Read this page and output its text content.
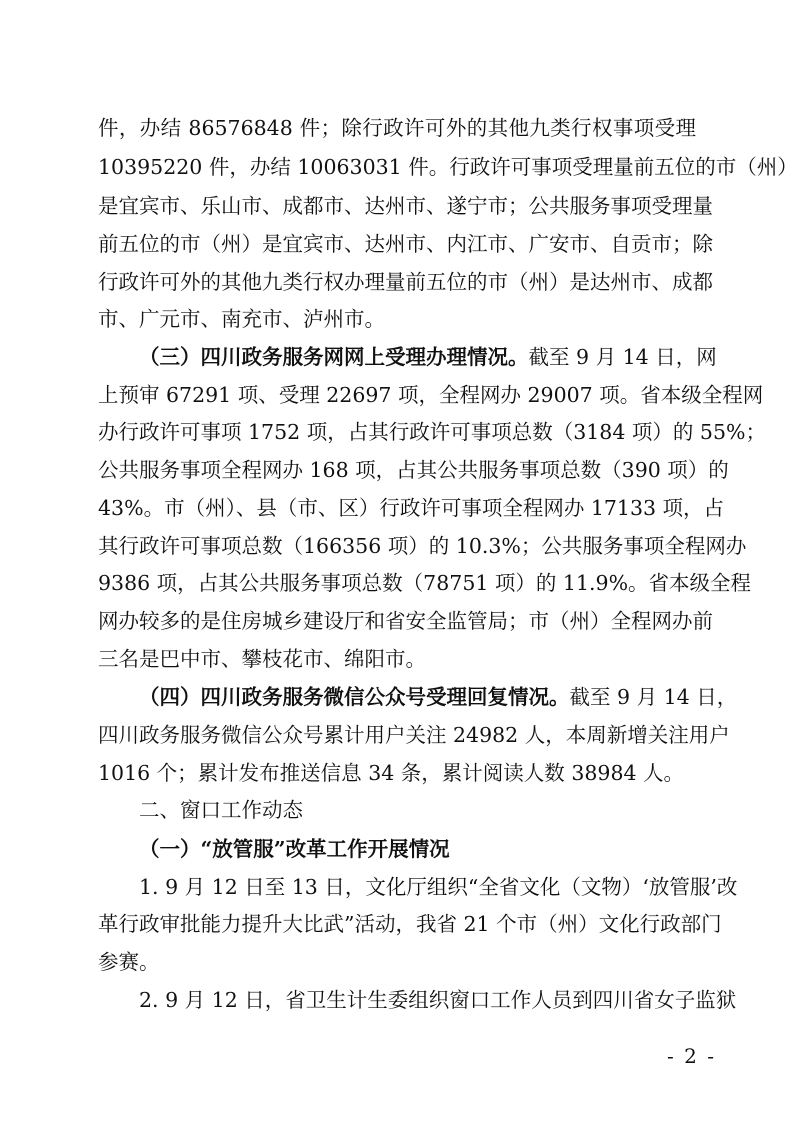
件，办结 86576848 件；除行政许可外的其他九类行权事项受理
10395220 件，办结 10063031 件。行政许可事项受理量前五位的市（州）
是宜宾市、乐山市、成都市、达州市、遂宁市；公共服务事项受理量
前五位的市（州）是宜宾市、达州市、内江市、广安市、自贡市；除
行政许可外的其他九类行权办理量前五位的市（州）是达州市、成都
市、广元市、南充市、泸州市。
（三）四川政务服务网网上受理办理情况。截至 9 月 14 日，网
上预审 67291 项、受理 22697 项，全程网办 29007 项。省本级全程网
办行政许可事项 1752 项，占其行政许可事项总数（3184 项）的 55%；
公共服务事项全程网办 168 项，占其公共服务事项总数（390 项）的
43%。市（州）、县（市、区）行政许可事项全程网办 17133 项，占
其行政许可事项总数（166356 项）的 10.3%；公共服务事项全程网办
9386 项，占其公共服务事项总数（78751 项）的 11.9%。省本级全程
网办较多的是住房城乡建设厅和省安全监管局；市（州）全程网办前
三名是巴中市、攀枝花市、绵阳市。
（四）四川政务服务微信公众号受理回复情况。截至 9 月 14 日，
四川政务服务微信公众号累计用户关注 24982 人，本周新增关注用户
1016 个；累计发布推送信息 34 条，累计阅读人数 38984 人。
二、窗口工作动态
（一）“放管服”改革工作开展情况
1. 9 月 12 日至 13 日，文化厅组织“全省文化（文物）‘放管服’改
革行政审批能力提升大比武”活动，我省 21 个市（州）文化行政部门
参赛。
2. 9 月 12 日，省卫生计生委组织窗口工作人员到四川省女子监狱
- 2 -
